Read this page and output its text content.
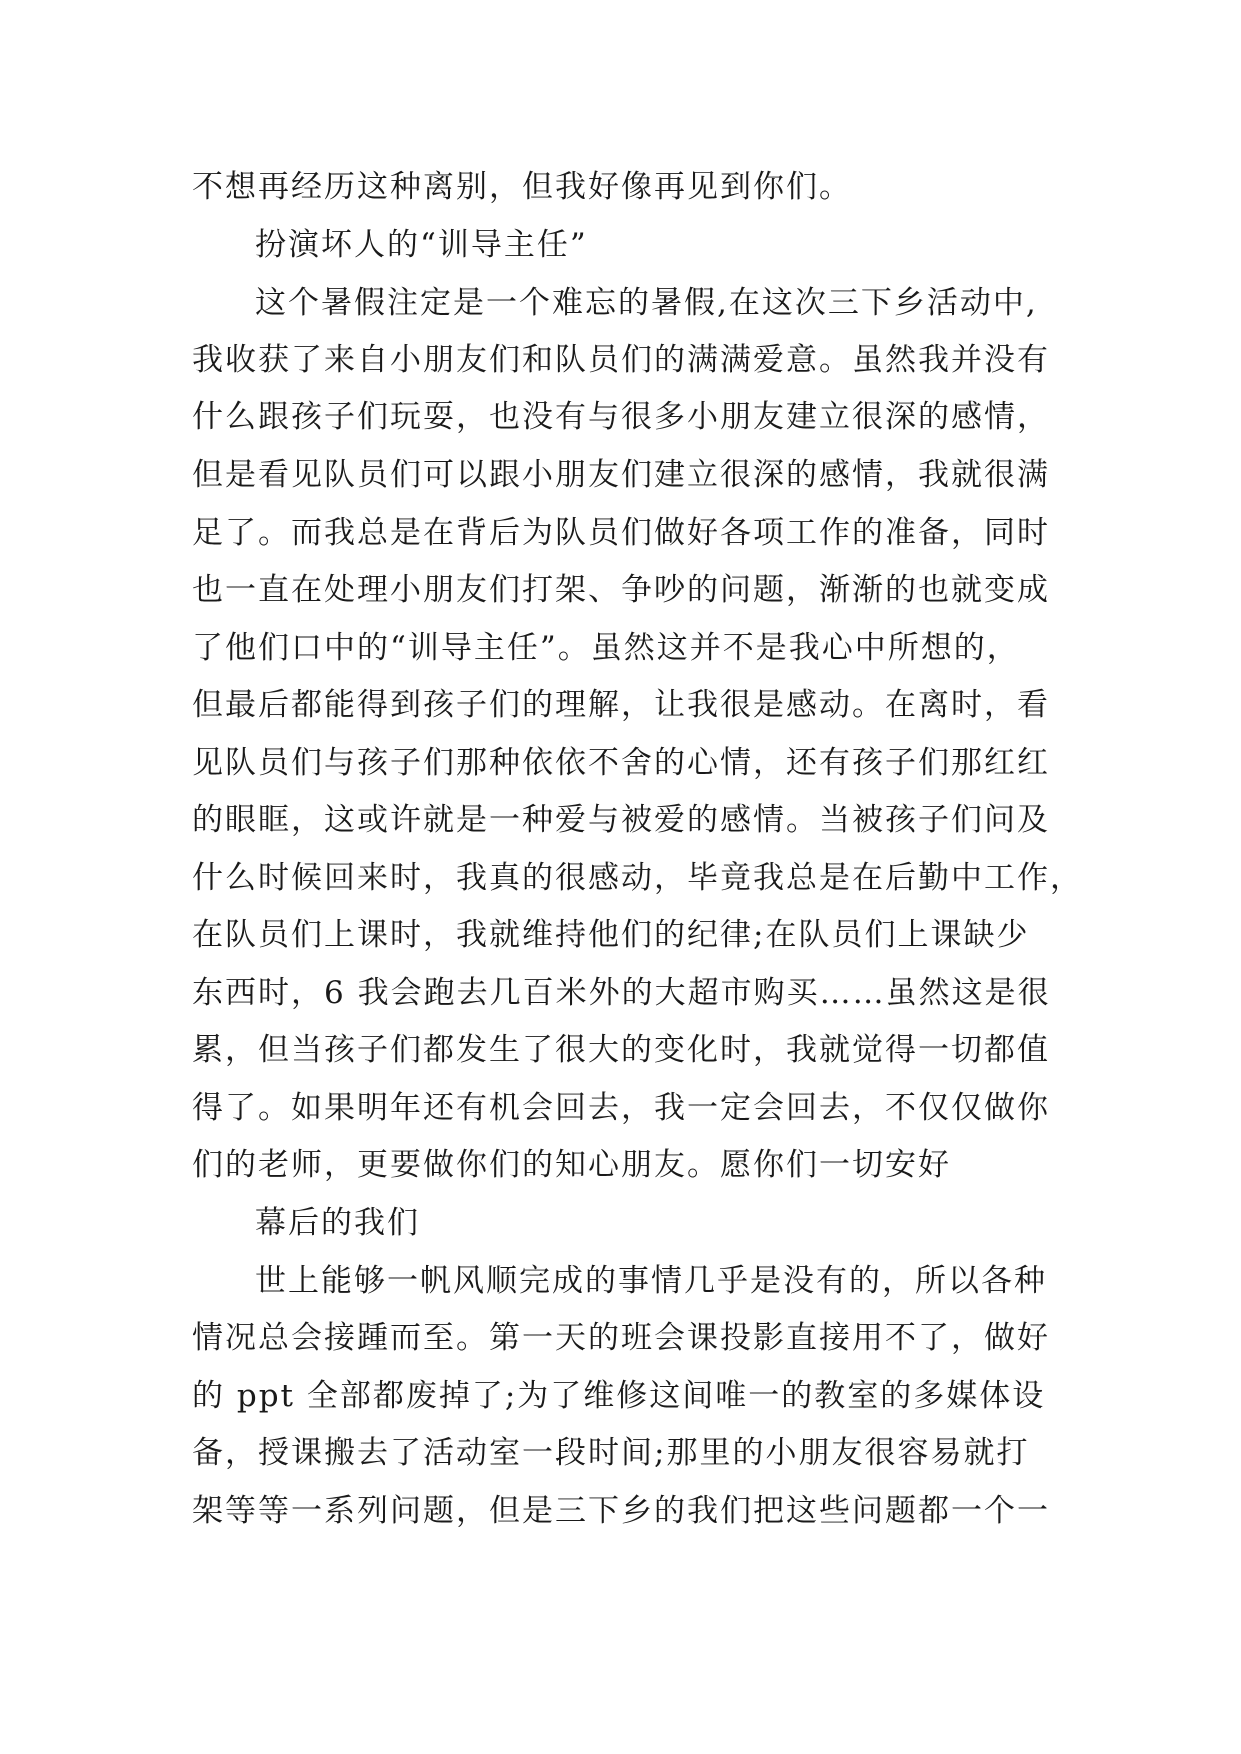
不想再经历这种离别，但我好像再见到你们。
扮演坏人的“训导主任”
这个暑假注定是一个难忘的暑假,在这次三下乡活动中,
我收获了来自小朋友们和队员们的满满爱意。虽然我并没有
什么跟孩子们玩耍，也没有与很多小朋友建立很深的感情，
但是看见队员们可以跟小朋友们建立很深的感情，我就很满
足了。而我总是在背后为队员们做好各项工作的准备，同时
也一直在处理小朋友们打架、争吵的问题，渐渐的也就变成
了他们口中的“训导主任”。虽然这并不是我心中所想的，
但最后都能得到孩子们的理解，让我很是感动。在离时，看
见队员们与孩子们那种依依不舍的心情，还有孩子们那红红
的眼眶，这或许就是一种爱与被爱的感情。当被孩子们问及
什么时候回来时，我真的很感动，毕竟我总是在后勤中工作，
在队员们上课时，我就维持他们的纪律;在队员们上课缺少
东西时，6 我会跑去几百米外的大超市购买……虽然这是很
累，但当孩子们都发生了很大的变化时，我就觉得一切都值
得了。如果明年还有机会回去，我一定会回去，不仅仅做你
们的老师，更要做你们的知心朋友。愿你们一切安好
幕后的我们
世上能够一帆风顺完成的事情几乎是没有的，所以各种
情况总会接踵而至。第一天的班会课投影直接用不了，做好
的 ppt 全部都废掉了;为了维修这间唯一的教室的多媒体设
备，授课搬去了活动室一段时间;那里的小朋友很容易就打
架等等一系列问题，但是三下乡的我们把这些问题都一个一
